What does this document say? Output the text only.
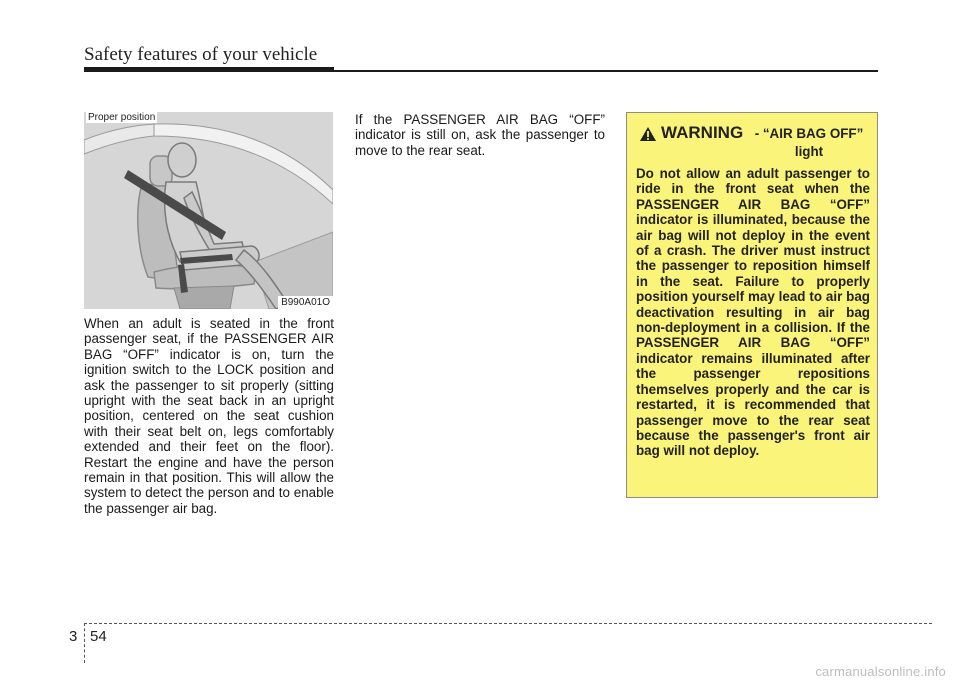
Safety features of your vehicle
Proper position
B990A01O
When an adult is seated in the front passenger seat, if the PASSENGER AIR BAG “OFF” indicator is on, turn the ignition switch to the LOCK position and ask the passenger to sit properly (sitting upright with the seat back in an upright position, centered on the seat cushion with their seat belt on, legs comfortably extended and their feet on the floor). Restart the engine and have the person remain in that position. This will allow the system to detect the person and to enable the passenger air bag.
If the PASSENGER AIR BAG “OFF” indicator is still on, ask the passenger to move to the rear seat.
WARNING - “AIR BAG OFF” light
Do not allow an adult passenger to ride in the front seat when the PASSENGER AIR BAG “OFF” indicator is illuminated, because the air bag will not deploy in the event of a crash. The driver must instruct the passenger to reposition himself in the seat. Failure to properly position yourself may lead to air bag deactivation resulting in air bag non-deployment in a collision. If the PASSENGER AIR BAG “OFF” indicator remains illuminated after the passenger repositions themselves properly and the car is restarted, it is recommended that passenger move to the rear seat because the passenger's front air bag will not deploy.
3 54
carmanualsonline.info
